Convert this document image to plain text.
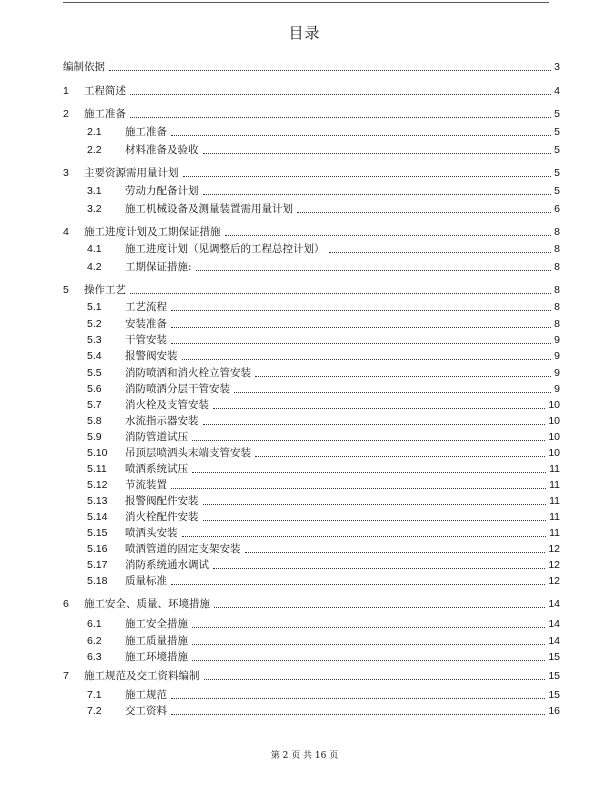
目录
编制依据	3
1	工程简述	4
2	施工准备	5
2.1	施工准备	5
2.2	材料准备及验收	5
3	主要资源需用量计划	5
3.1	劳动力配备计划	5
3.2	施工机械设备及测量装置需用量计划	6
4	施工进度计划及工期保证措施	8
4.1	施工进度计划（见调整后的工程总控计划）	8
4.2	工期保证措施:	8
5	操作工艺	8
5.1	工艺流程	8
5.2	安装准备	8
5.3	干管安装	9
5.4	报警阀安装	9
5.5	消防喷洒和消火栓立管安装	9
5.6	消防喷洒分层干管安装	9
5.7	消火栓及支管安装	10
5.8	水流指示器安装	10
5.9	消防管道试压	10
5.10	吊顶层喷洒头末端支管安装	10
5.11	喷洒系统试压	11
5.12	节流装置	11
5.13	报警阀配件安装	11
5.14	消火栓配件安装	11
5.15	喷洒头安装	11
5.16	喷洒管道的固定支架安装	12
5.17	消防系统通水调试	12
5.18	质量标准	12
6	施工安全、质量、环境措施	14
6.1	施工安全措施	14
6.2	施工质量措施	14
6.3	施工环境措施	15
7	施工规范及交工资料编制	15
7.1	施工规范	15
7.2	交工资料	16
第 2 页 共 16 页
